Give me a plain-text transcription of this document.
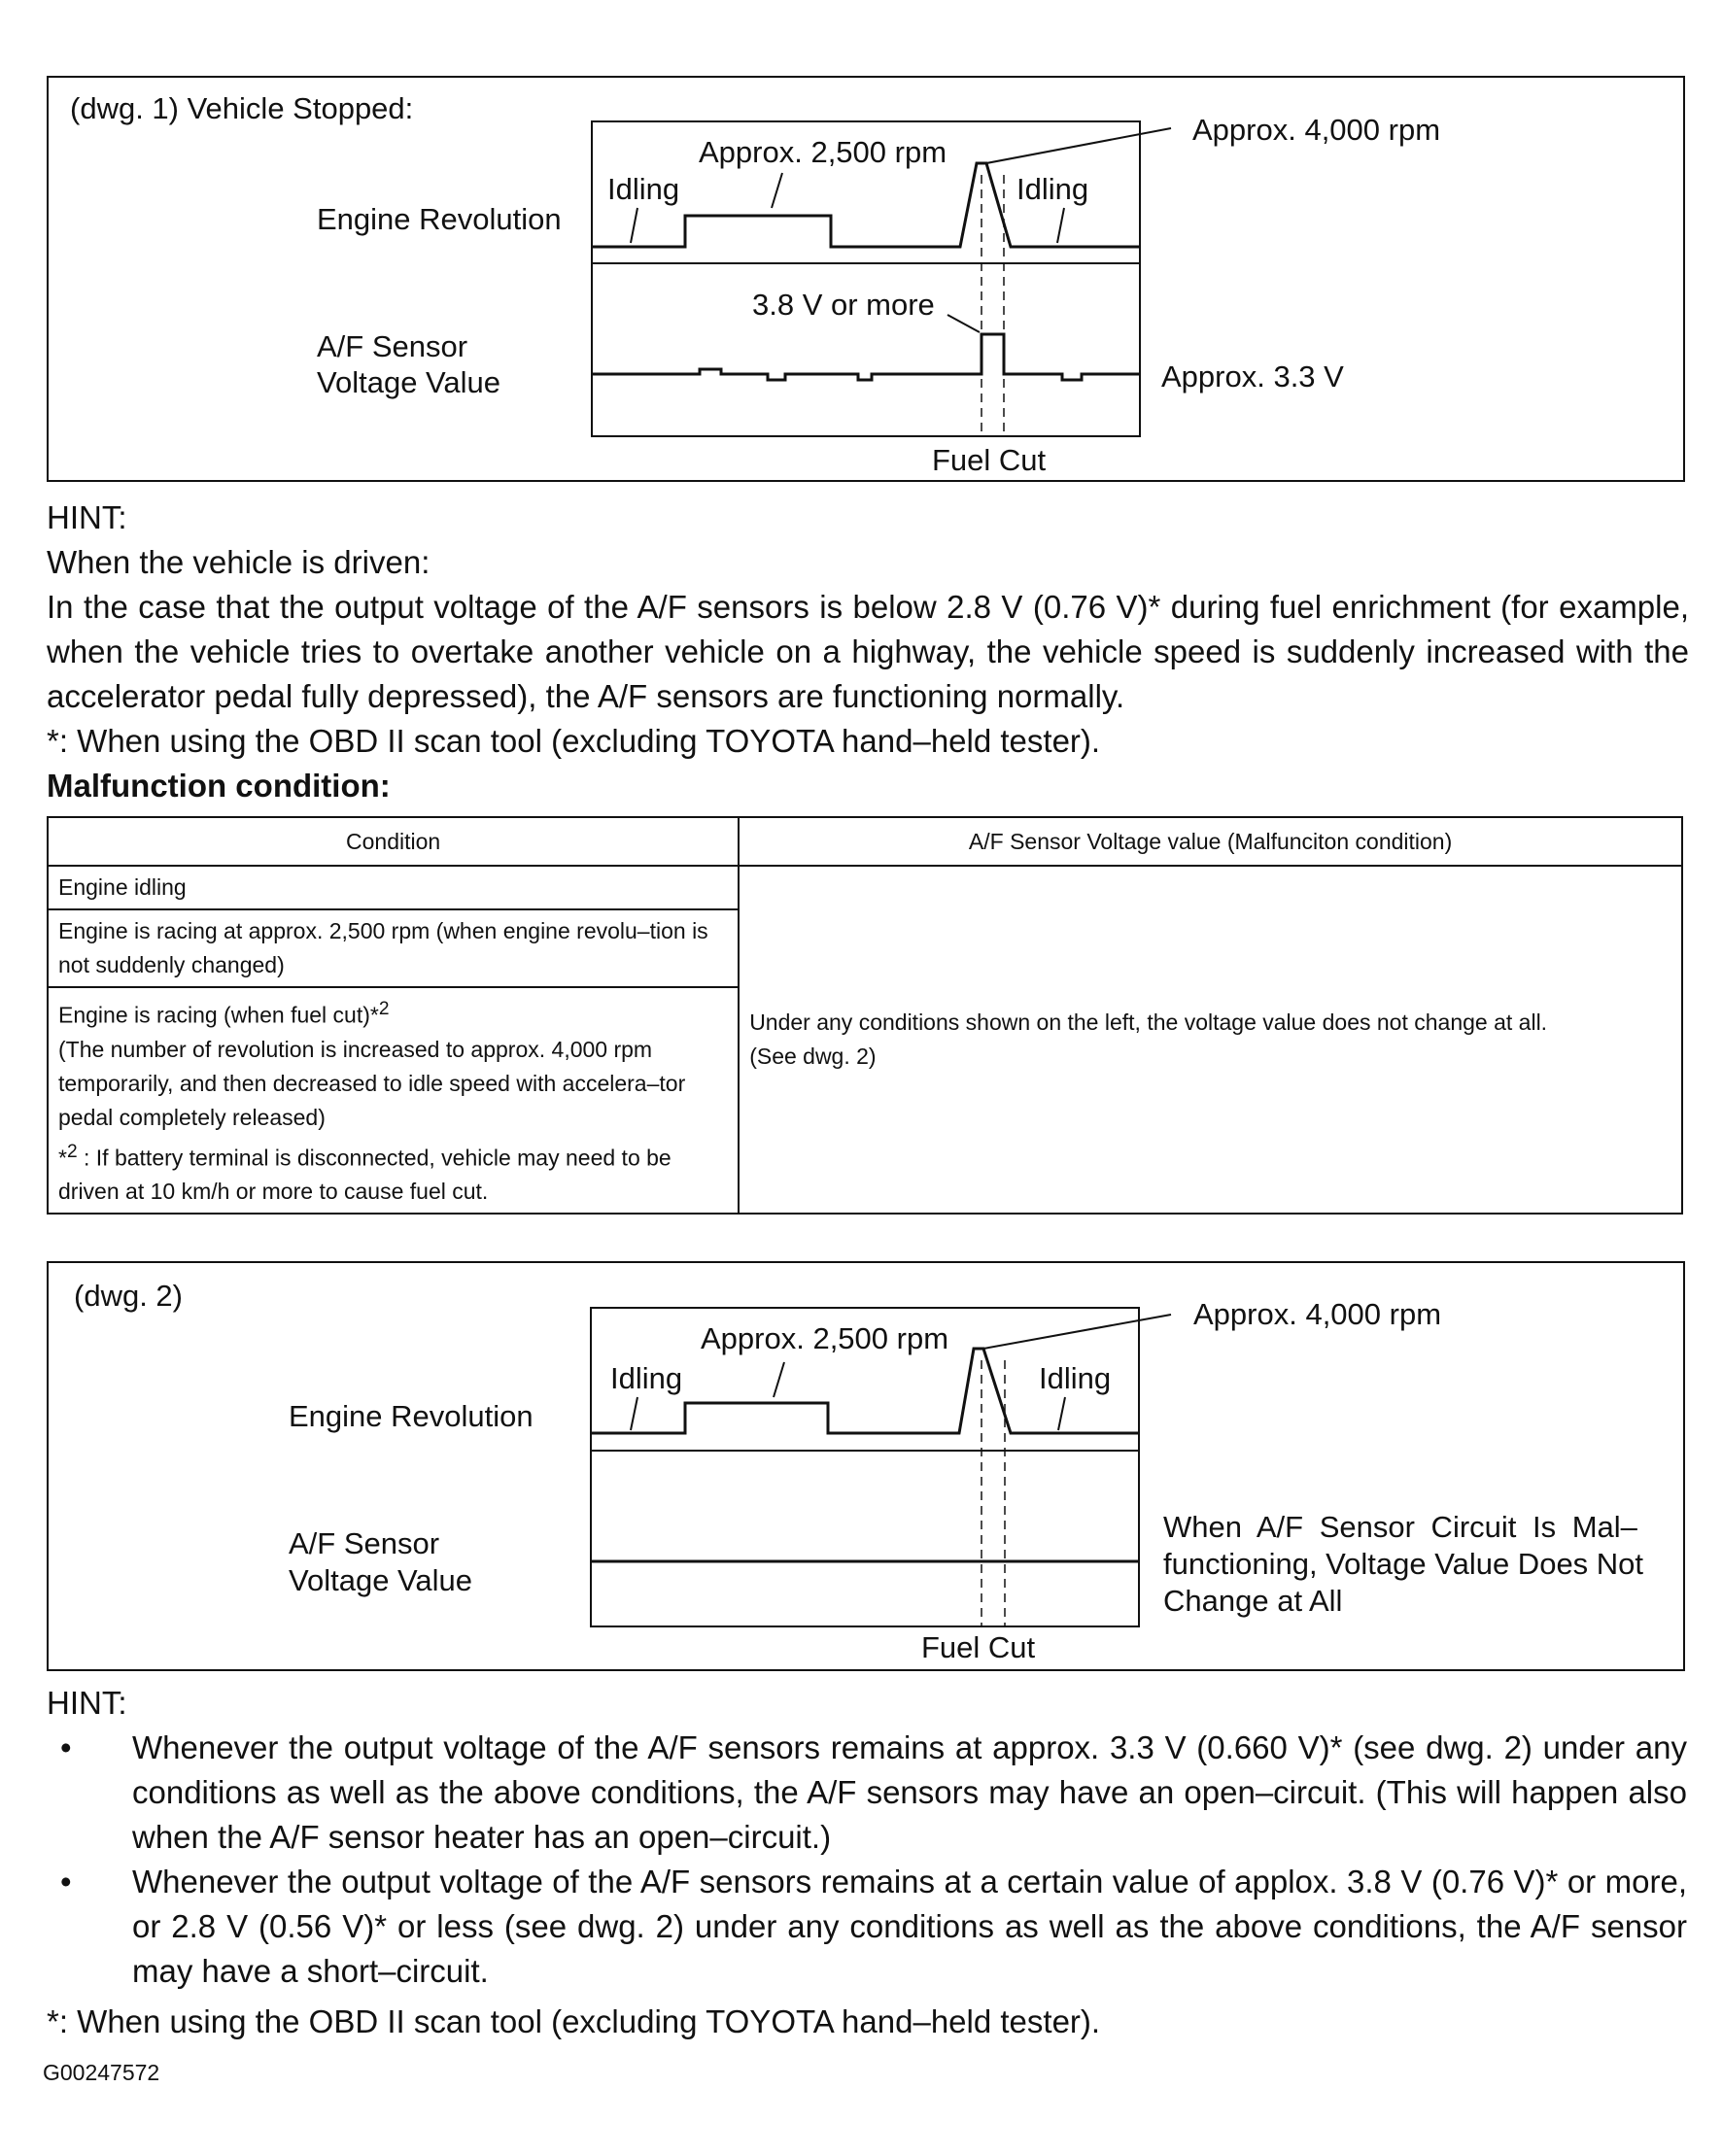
(dwg. 1) Vehicle Stopped:
Engine Revolution
A/F Sensor
Voltage Value
Approx. 2,500 rpm
Approx. 4,000 rpm
Idling	Idling
3.8 V or more
Approx. 3.3 V
Fuel Cut
HINT:
When the vehicle is driven:
In the case that the output voltage of the A/F sensors is below 2.8 V (0.76 V)* during fuel enrichment (for example, when the vehicle tries to overtake another vehicle on a highway, the vehicle speed is suddenly increased with the accelerator pedal fully depressed), the A/F sensors are functioning normally.
*: When using the OBD II scan tool (excluding TOYOTA hand–held tester).
Malfunction condition:
Condition	A/F Sensor Voltage value (Malfunciton condition)
Engine idling	Under any conditions shown on the left, the voltage value does not change at all.
(See dwg. 2)

Engine is racing at approx. 2,500 rpm (when engine revolu–tion is not suddenly changed)	

Engine is racing (when fuel cut)*$^2$
(The number of revolution is increased to approx. 4,000 rpm temporarily, and then decreased to idle speed with accelera–tor pedal completely released)
*$^2$ : If battery terminal is disconnected, vehicle may need to be driven at 10 km/h or more to cause fuel cut.	
(dwg. 2)
Engine Revolution
A/F Sensor
Voltage Value
Approx. 2,500 rpm
Approx. 4,000 rpm
Idling	Idling
When A/F Sensor Circuit Is Mal–
functioning, Voltage Value Does Not
Change at All
Fuel Cut
HINT:
• Whenever the output voltage of the A/F sensors remains at approx. 3.3 V (0.660 V)* (see dwg. 2) under any conditions as well as the above conditions, the A/F sensors may have an open–circuit. (This will happen also when the A/F sensor heater has an open–circuit.)
• Whenever the output voltage of the A/F sensors remains at a certain value of applox. 3.8 V (0.76 V)* or more, or 2.8 V (0.56 V)* or less (see dwg. 2) under any conditions as well as the above conditions, the A/F sensor may have a short–circuit.
*: When using the OBD II scan tool (excluding TOYOTA hand–held tester).
G00247572
